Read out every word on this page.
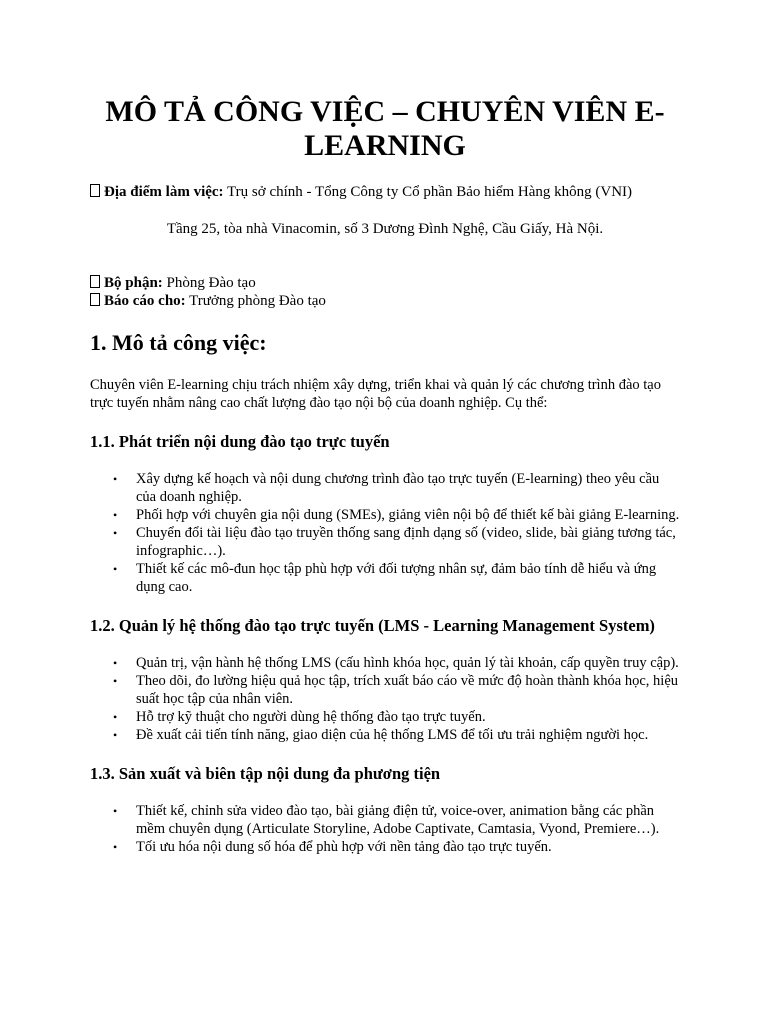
MÔ TẢ CÔNG VIỆC – CHUYÊN VIÊN E-LEARNING

Địa điểm làm việc: Trụ sở chính - Tổng Công ty Cổ phần Bảo hiểm Hàng không (VNI)

Tầng 25, tòa nhà Vinacomin, số 3 Dương Đình Nghệ, Cầu Giấy, Hà Nội.

Bộ phận: Phòng Đào tạo

Báo cáo cho: Trưởng phòng Đào tạo

1. Mô tả công việc:

Chuyên viên E-learning chịu trách nhiệm xây dựng, triển khai và quản lý các chương trình đào tạo trực tuyến nhằm nâng cao chất lượng đào tạo nội bộ của doanh nghiệp. Cụ thể:

1.1. Phát triển nội dung đào tạo trực tuyến
• Xây dựng kế hoạch và nội dung chương trình đào tạo trực tuyến (E-learning) theo yêu cầu của doanh nghiệp.
• Phối hợp với chuyên gia nội dung (SMEs), giảng viên nội bộ để thiết kế bài giảng E-learning.
• Chuyển đổi tài liệu đào tạo truyền thống sang định dạng số (video, slide, bài giảng tương tác, infographic…).
• Thiết kế các mô-đun học tập phù hợp với đối tượng nhân sự, đảm bảo tính dễ hiểu và ứng dụng cao.
1.2. Quản lý hệ thống đào tạo trực tuyến (LMS - Learning Management System)
• Quản trị, vận hành hệ thống LMS (cấu hình khóa học, quản lý tài khoản, cấp quyền truy cập).
• Theo dõi, đo lường hiệu quả học tập, trích xuất báo cáo về mức độ hoàn thành khóa học, hiệu suất học tập của nhân viên.
• Hỗ trợ kỹ thuật cho người dùng hệ thống đào tạo trực tuyến.
• Đề xuất cải tiến tính năng, giao diện của hệ thống LMS để tối ưu trải nghiệm người học.
1.3. Sản xuất và biên tập nội dung đa phương tiện
• Thiết kế, chỉnh sửa video đào tạo, bài giảng điện tử, voice-over, animation bằng các phần mềm chuyên dụng (Articulate Storyline, Adobe Captivate, Camtasia, Vyond, Premiere…).
• Tối ưu hóa nội dung số hóa để phù hợp với nền tảng đào tạo trực tuyến.
